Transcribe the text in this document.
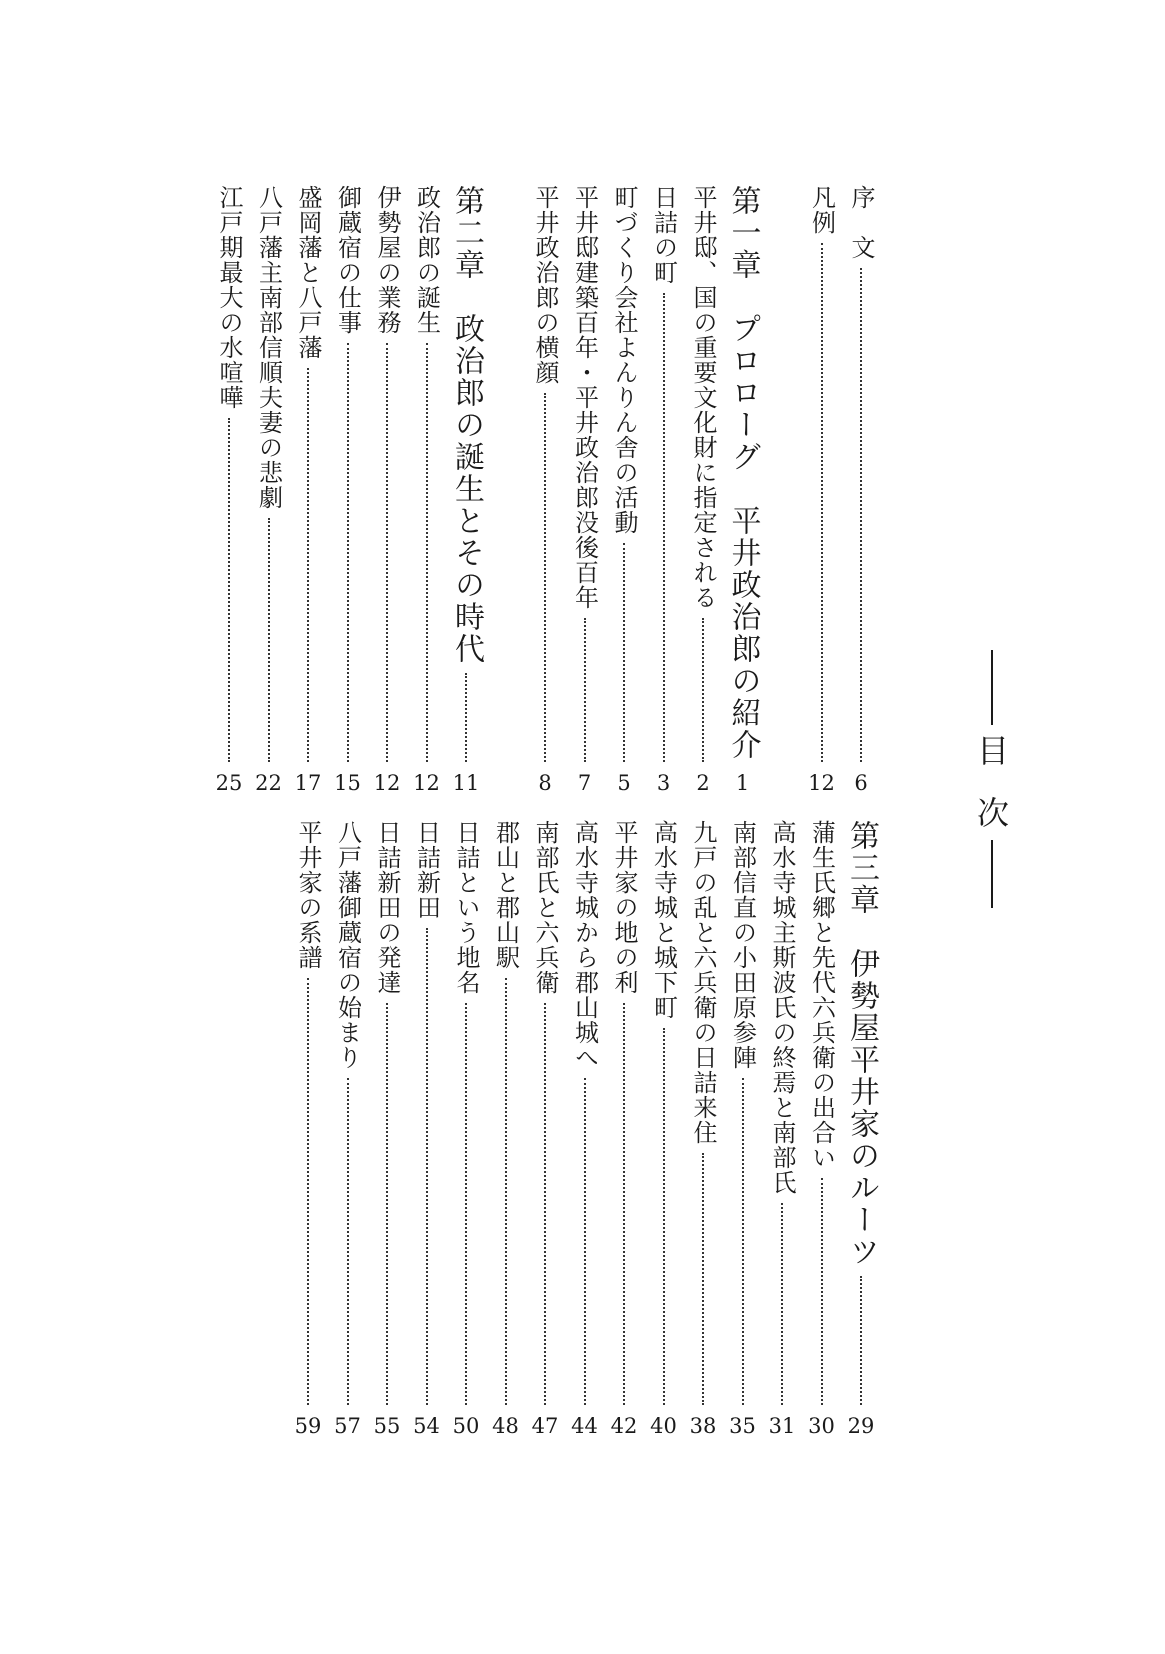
目
次
序　文
6
凡例
12
第一章　プロローグ　平井政治郎の紹介
1
平井邸、国の重要文化財に指定される
2
日詰の町
3
町づくり会社よんりん舎の活動
5
平井邸建築百年・平井政治郎没後百年
7
平井政治郎の横顔
8
第二章　政治郎の誕生とその時代
11
政治郎の誕生
12
伊勢屋の業務
12
御蔵宿の仕事
15
盛岡藩と八戸藩
17
八戸藩主南部信順夫妻の悲劇
22
江戸期最大の水喧嘩
25
第三章　伊勢屋平井家のルーツ
29
蒲生氏郷と先代六兵衛の出合い
30
高水寺城主斯波氏の終焉と南部氏
31
南部信直の小田原参陣
35
九戸の乱と六兵衛の日詰来住
38
高水寺城と城下町
40
平井家の地の利
42
高水寺城から郡山城へ
44
南部氏と六兵衛
47
郡山と郡山駅
48
日詰という地名
50
日詰新田
54
日詰新田の発達
55
八戸藩御蔵宿の始まり
57
平井家の系譜
59
